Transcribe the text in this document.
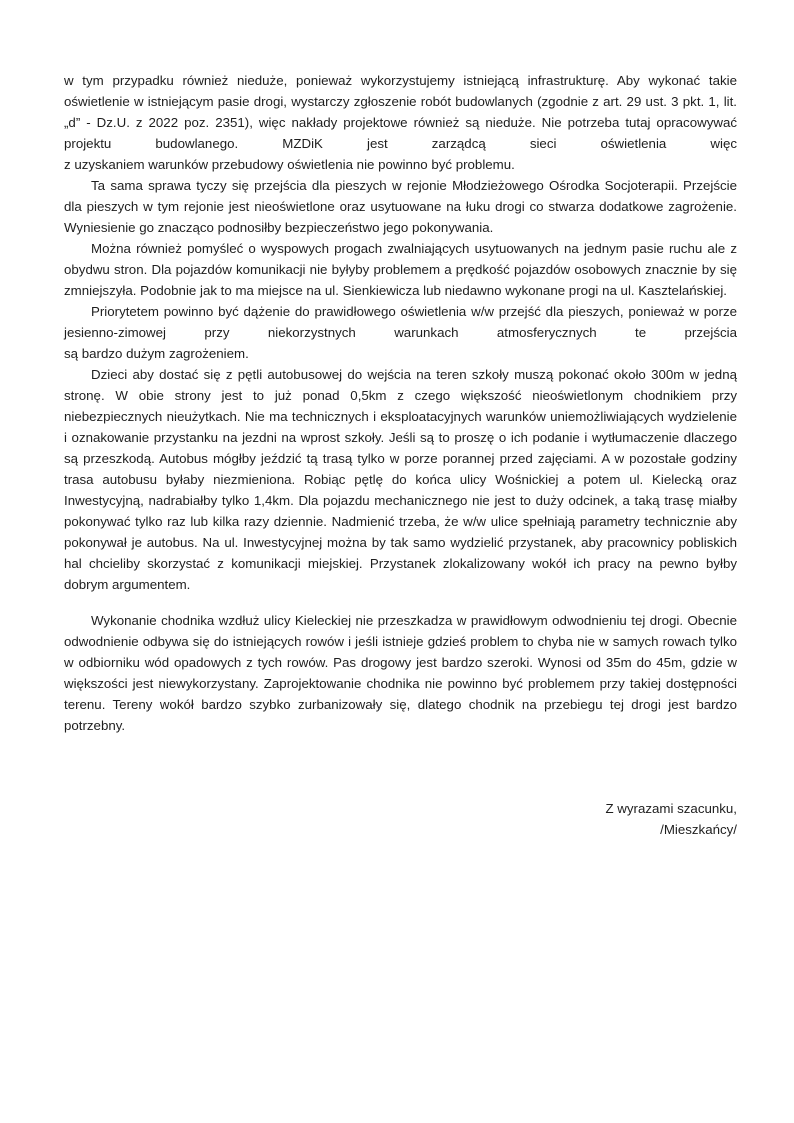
w tym przypadku również nieduże, ponieważ wykorzystujemy istniejącą infrastrukturę. Aby wykonać takie oświetlenie w istniejącym pasie drogi, wystarczy zgłoszenie robót budowlanych (zgodnie z art. 29 ust. 3 pkt. 1, lit. „d” - Dz.U. z 2022 poz. 2351), więc nakłady projektowe również są nieduże. Nie potrzeba tutaj opracowywać projektu budowlanego. MZDiK jest zarządcą sieci oświetlenia więc
z uzyskaniem warunków przebudowy oświetlenia nie powinno być problemu.

Ta sama sprawa tyczy się przejścia dla pieszych w rejonie Młodzieżowego Ośrodka Socjoterapii. Przejście dla pieszych w tym rejonie jest nieoświetlone oraz usytuowane na łuku drogi co stwarza dodatkowe zagrożenie. Wyniesienie go znacząco podnosiłby bezpieczeństwo jego pokonywania.

Można również pomyśleć o wyspowych progach zwalniających usytuowanych na jednym pasie ruchu ale z obydwu stron. Dla pojazdów komunikacji nie byłyby problemem a prędkość pojazdów osobowych znacznie by się zmniejszyła. Podobnie jak to ma miejsce na ul. Sienkiewicza lub niedawno wykonane progi na ul. Kasztelańskiej.

Priorytetem powinno być dążenie do prawidłowego oświetlenia w/w przejść dla pieszych, ponieważ w porze jesienno-zimowej przy niekorzystnych warunkach atmosferycznych te przejścia
są bardzo dużym zagrożeniem.

Dzieci aby dostać się z pętli autobusowej do wejścia na teren szkoły muszą pokonać około 300m w jedną stronę. W obie strony jest to już ponad 0,5km z czego większość nieoświetlonym chodnikiem przy niebezpiecznych nieużytkach. Nie ma technicznych i eksploatacyjnych warunków uniemożliwiających wydzielenie i oznakowanie przystanku na jezdni na wprost szkoły. Jeśli są to proszę o ich podanie i wytłumaczenie dlaczego są przeszkodą. Autobus mógłby jeździć tą trasą tylko w porze porannej przed zajęciami. A w pozostałe godziny trasa autobusu byłaby niezmieniona. Robiąc pętlę do końca ulicy Wośnickiej a potem ul. Kielecką oraz Inwestycyjną, nadrabiałby tylko 1,4km. Dla pojazdu mechanicznego nie jest to duży odcinek, a taką trasę miałby pokonywać tylko raz lub kilka razy dziennie. Nadmienić trzeba, że w/w ulice spełniają parametry technicznie aby pokonywał je autobus. Na ul. Inwestycyjnej można by tak samo wydzielić przystanek, aby pracownicy pobliskich hal chcieliby skorzystać z komunikacji miejskiej. Przystanek zlokalizowany wokół ich pracy na pewno byłby dobrym argumentem.

Wykonanie chodnika wzdłuż ulicy Kieleckiej nie przeszkadza w prawidłowym odwodnieniu tej drogi. Obecnie odwodnienie odbywa się do istniejących rowów i jeśli istnieje gdzieś problem to chyba nie w samych rowach tylko w odbiorniku wód opadowych z tych rowów. Pas drogowy jest bardzo szeroki. Wynosi od 35m do 45m, gdzie w większości jest niewykorzystany. Zaprojektowanie chodnika nie powinno być problemem przy takiej dostępności terenu. Tereny wokół bardzo szybko zurbanizowały się, dlatego chodnik na przebiegu tej drogi jest bardzo potrzebny.

Z wyrazami szacunku,
/Mieszkańcy/
